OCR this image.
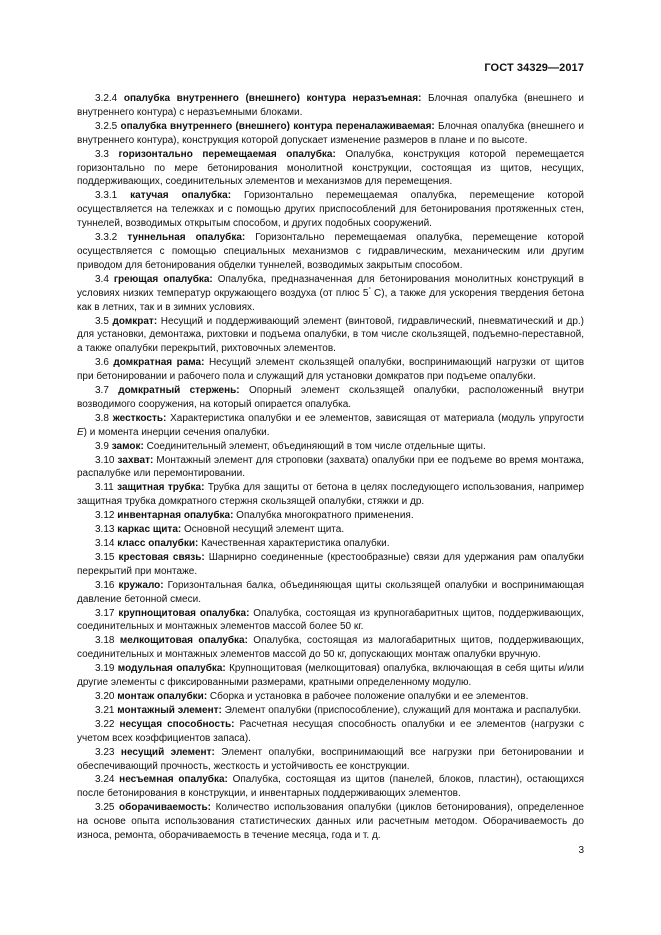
ГОСТ 34329—2017

3.2.4 опалубка внутреннего (внешнего) контура неразъемная: Блочная опалубка (внешнего и внутреннего контура) с неразъемными блоками.

3.2.5 опалубка внутреннего (внешнего) контура переналаживаемая: Блочная опалубка (внешнего и внутреннего контура), конструкция которой допускает изменение размеров в плане и по высоте.

3.3 горизонтально перемещаемая опалубка: Опалубка, конструкция которой перемещается горизонтально по мере бетонирования монолитной конструкции, состоящая из щитов, несущих, поддерживающих, соединительных элементов и механизмов для перемещения.

3.3.1 катучая опалубка: Горизонтально перемещаемая опалубка, перемещение которой осуществляется на тележках и с помощью других приспособлений для бетонирования протяженных стен, туннелей, возводимых открытым способом, и других подобных сооружений.

3.3.2 туннельная опалубка: Горизонтально перемещаемая опалубка, перемещение которой осуществляется с помощью специальных механизмов с гидравлическим, механическим или другим приводом для бетонирования обделки туннелей, возводимых закрытым способом.

3.4 греющая опалубка: Опалубка, предназначенная для бетонирования монолитных конструкций в условиях низких температур окружающего воздуха (от плюс 5° С), а также для ускорения твердения бетона как в летних, так и в зимних условиях.

3.5 домкрат: Несущий и поддерживающий элемент (винтовой, гидравлический, пневматический и др.) для установки, демонтажа, рихтовки и подъема опалубки, в том числе скользящей, подъемно-переставной, а также опалубки перекрытий, рихтовочных элементов.

3.6 домкратная рама: Несущий элемент скользящей опалубки, воспринимающий нагрузки от щитов при бетонировании и рабочего пола и служащий для установки домкратов при подъеме опалубки.

3.7 домкратный стержень: Опорный элемент скользящей опалубки, расположенный внутри возводимого сооружения, на который опирается опалубка.

3.8 жесткость: Характеристика опалубки и ее элементов, зависящая от материала (модуль упругости Е) и момента инерции сечения опалубки.

3.9 замок: Соединительный элемент, объединяющий в том числе отдельные щиты.

3.10 захват: Монтажный элемент для строповки (захвата) опалубки при ее подъеме во время монтажа, распалубке или перемонтировании.

3.11 защитная трубка: Трубка для защиты от бетона в целях последующего использования, например защитная трубка домкратного стержня скользящей опалубки, стяжки и др.

3.12 инвентарная опалубка: Опалубка многократного применения.

3.13 каркас щита: Основной несущий элемент щита.

3.14 класс опалубки: Качественная характеристика опалубки.

3.15 крестовая связь: Шарнирно соединенные (крестообразные) связи для удержания рам опалубки перекрытий при монтаже.

3.16 кружало: Горизонтальная балка, объединяющая щиты скользящей опалубки и воспринимающая давление бетонной смеси.

3.17 крупнощитовая опалубка: Опалубка, состоящая из крупногабаритных щитов, поддерживающих, соединительных и монтажных элементов массой более 50 кг.

3.18 мелкощитовая опалубка: Опалубка, состоящая из малогабаритных щитов, поддерживающих, соединительных и монтажных элементов массой до 50 кг, допускающих монтаж опалубки вручную.

3.19 модульная опалубка: Крупнощитовая (мелкощитовая) опалубка, включающая в себя щиты и/или другие элементы с фиксированными размерами, кратными определенному модулю.

3.20 монтаж опалубки: Сборка и установка в рабочее положение опалубки и ее элементов.

3.21 монтажный элемент: Элемент опалубки (приспособление), служащий для монтажа и распалубки.

3.22 несущая способность: Расчетная несущая способность опалубки и ее элементов (нагрузки с учетом всех коэффициентов запаса).

3.23 несущий элемент: Элемент опалубки, воспринимающий все нагрузки при бетонировании и обеспечивающий прочность, жесткость и устойчивость ее конструкции.

3.24 несъемная опалубка: Опалубка, состоящая из щитов (панелей, блоков, пластин), остающихся после бетонирования в конструкции, и инвентарных поддерживающих элементов.

3.25 оборачиваемость: Количество использования опалубки (циклов бетонирования), определенное на основе опыта использования статистических данных или расчетным методом. Оборачиваемость до износа, ремонта, оборачиваемость в течение месяца, года и т. д.

3
